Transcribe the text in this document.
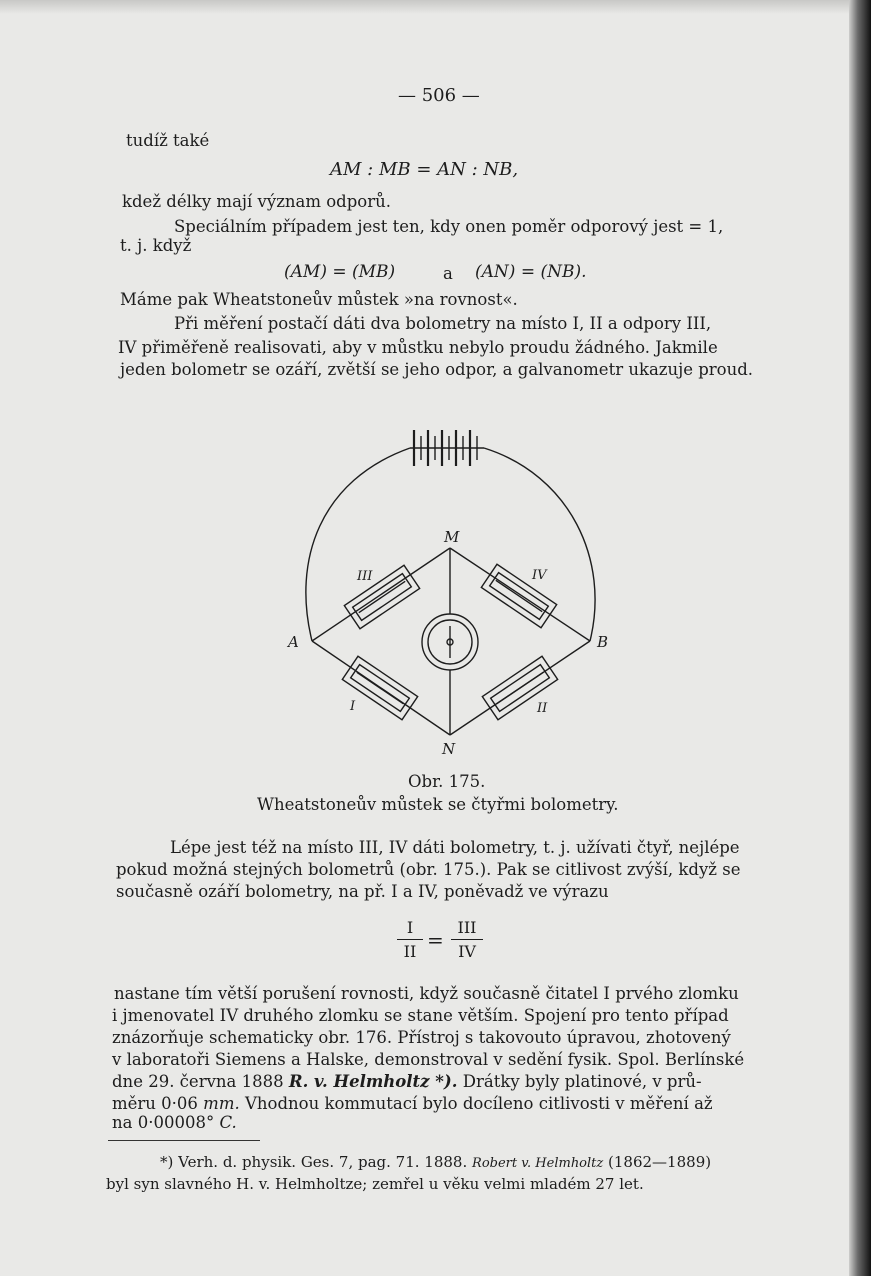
— 506 —
tudíž také
AM : MB = AN : NB,
kdež délky mají význam odporů.
Speciálním případem jest ten, kdy onen poměr odporový jest = 1,
t. j. když
(AM) = (MB)	a (AN) = (NB).
Máme pak Wheatstoneův můstek »na rovnost«.
Při měření postačí dáti dva bolometry na místo I, II a odpory III,
IV přiměřeně realisovati, aby v můstku nebylo proudu žádného. Jakmile
jeden bolometr se ozáří, zvětší se jeho odpor, a galvanometr ukazuje proud.
M
N
A	B
III	IV
I	II
Obr. 175.
Wheatstoneův můstek se čtyřmi bolometry.
Lépe jest též na místo III, IV dáti bolometry, t. j. užívati čtyř, nejlépe
pokud možná stejných bolometrů (obr. 175.). Pak se citlivost zvýší, když se
současně ozáří bolometry, na př. I a IV, poněvadž ve výrazu
$\frac{I}{II}$ =
III
IV
nastane tím větší porušení rovnosti, když současně čitatel I prvého zlomku
i jmenovatel IV druhého zlomku se stane větším. Spojení pro tento případ
znázorňuje schematicky obr. 176. Přístroj s takovouto úpravou, zhotovený
v laboratoři Siemens a Halske, demonstroval v sedění fysik. Spol. Berlínské
dne 29. června 1888 R. v. Helmholtz *). Drátky byly platinové, v prů-
měru 0·06 mm. Vhodnou kommutací bylo docíleno citlivosti v měření až
na 0·00008° C.
*) Verh. d. physik. Ges. 7, pag. 71. 1888. Robert v. Helmholtz (1862—1889)
byl syn slavného H. v. Helmholtze; zemřel u věku velmi mladém 27 let.
